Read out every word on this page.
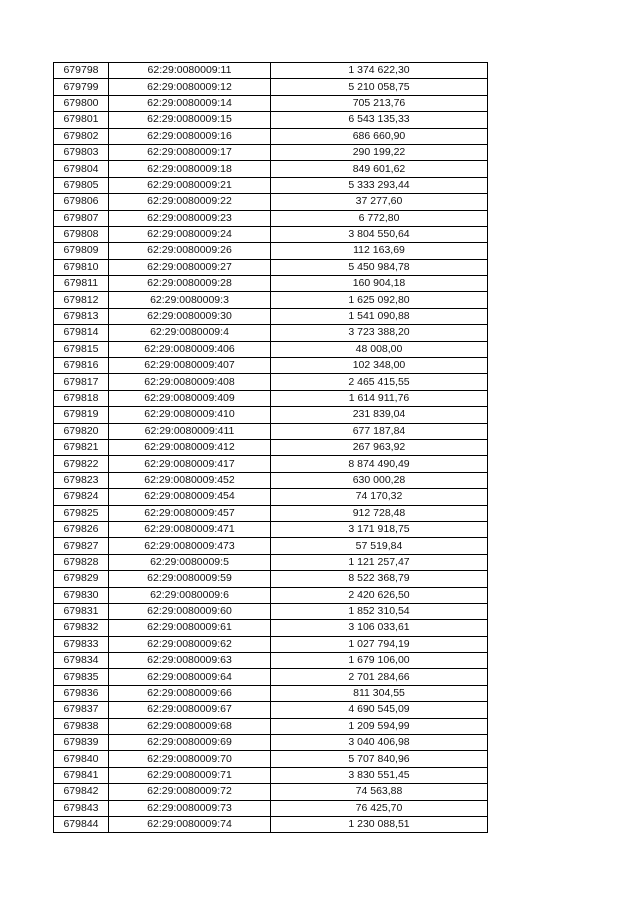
679798	62:29:0080009:11	1 374 622,30
679799	62:29:0080009:12	5 210 058,75
679800	62:29:0080009:14	705 213,76
679801	62:29:0080009:15	6 543 135,33
679802	62:29:0080009:16	686 660,90
679803	62:29:0080009:17	290 199,22
679804	62:29:0080009:18	849 601,62
679805	62:29:0080009:21	5 333 293,44
679806	62:29:0080009:22	37 277,60
679807	62:29:0080009:23	6 772,80
679808	62:29:0080009:24	3 804 550,64
679809	62:29:0080009:26	112 163,69
679810	62:29:0080009:27	5 450 984,78
679811	62:29:0080009:28	160 904,18
679812	62:29:0080009:3	1 625 092,80
679813	62:29:0080009:30	1 541 090,88
679814	62:29:0080009:4	3 723 388,20
679815	62:29:0080009:406	48 008,00
679816	62:29:0080009:407	102 348,00
679817	62:29:0080009:408	2 465 415,55
679818	62:29:0080009:409	1 614 911,76
679819	62:29:0080009:410	231 839,04
679820	62:29:0080009:411	677 187,84
679821	62:29:0080009:412	267 963,92
679822	62:29:0080009:417	8 874 490,49
679823	62:29:0080009:452	630 000,28
679824	62:29:0080009:454	74 170,32
679825	62:29:0080009:457	912 728,48
679826	62:29:0080009:471	3 171 918,75
679827	62:29:0080009:473	57 519,84
679828	62:29:0080009:5	1 121 257,47
679829	62:29:0080009:59	8 522 368,79
679830	62:29:0080009:6	2 420 626,50
679831	62:29:0080009:60	1 852 310,54
679832	62:29:0080009:61	3 106 033,61
679833	62:29:0080009:62	1 027 794,19
679834	62:29:0080009:63	1 679 106,00
679835	62:29:0080009:64	2 701 284,66
679836	62:29:0080009:66	811 304,55
679837	62:29:0080009:67	4 690 545,09
679838	62:29:0080009:68	1 209 594,99
679839	62:29:0080009:69	3 040 406,98
679840	62:29:0080009:70	5 707 840,96
679841	62:29:0080009:71	3 830 551,45
679842	62:29:0080009:72	74 563,88
679843	62:29:0080009:73	76 425,70
679844	62:29:0080009:74	1 230 088,51
